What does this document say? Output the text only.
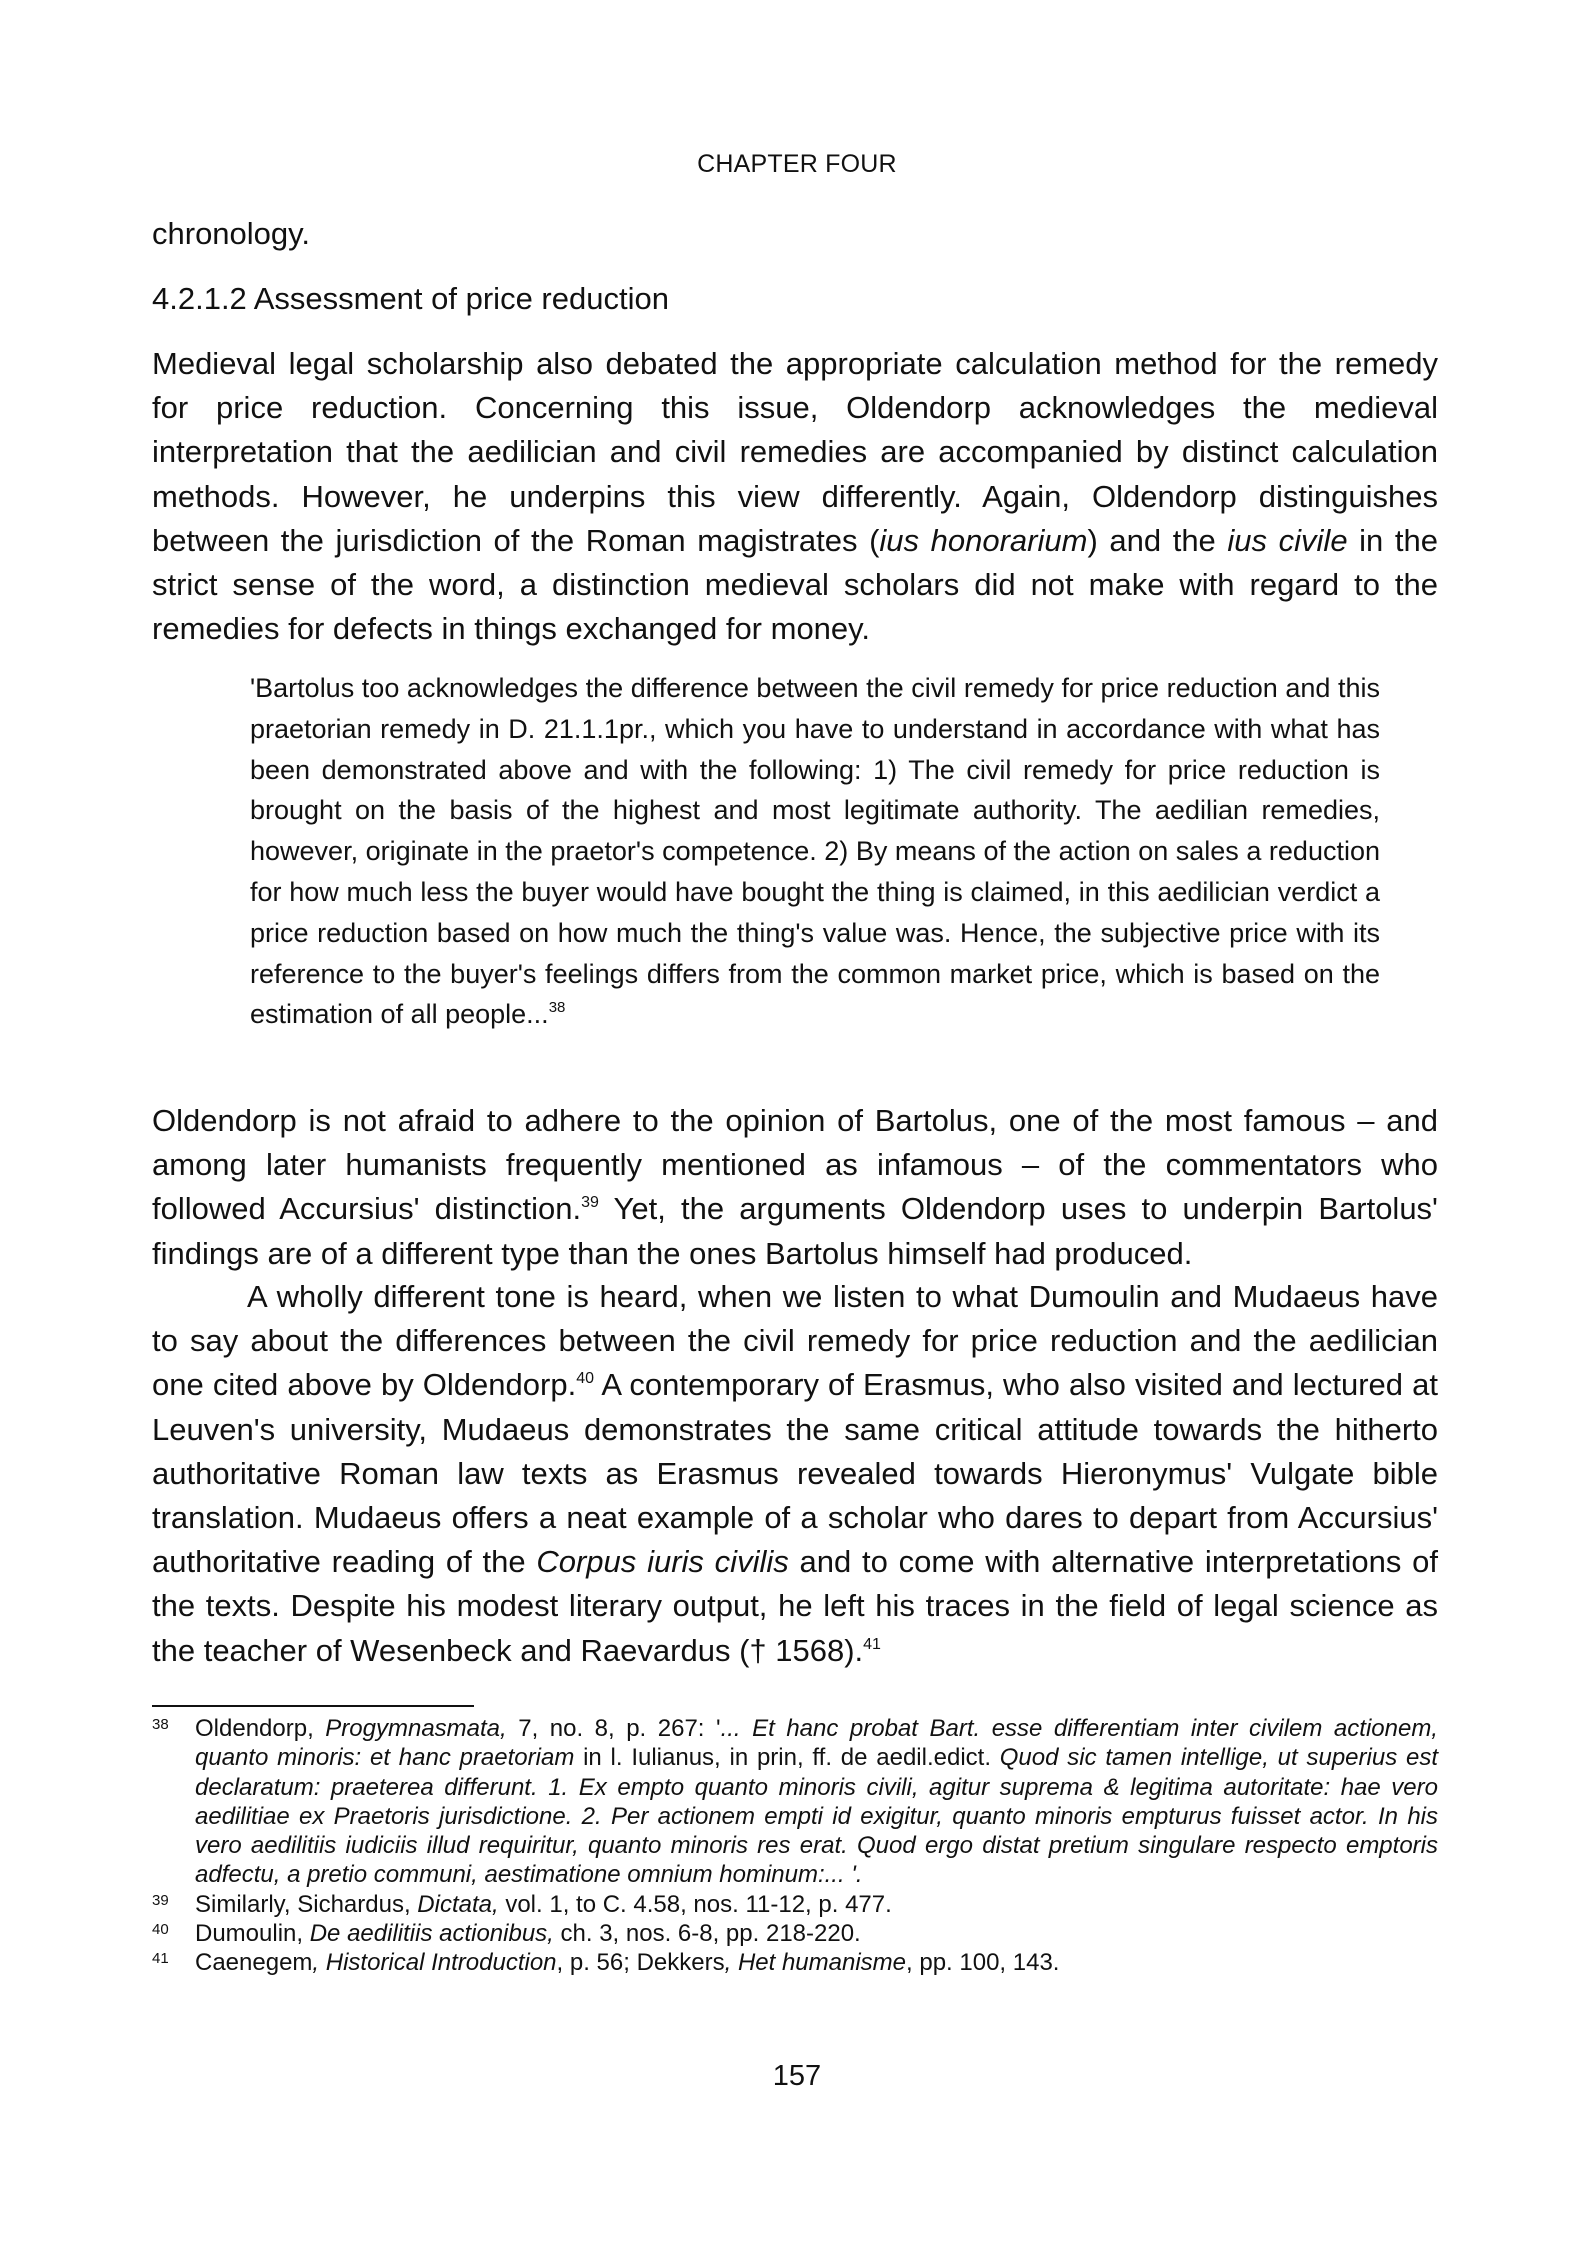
CHAPTER FOUR
chronology.
4.2.1.2 Assessment of price reduction

Medieval legal scholarship also debated the appropriate calculation method for the remedy for price reduction. Concerning this issue, Oldendorp acknowledges the medieval interpretation that the aedilician and civil remedies are accompanied by distinct calculation methods. However, he underpins this view differently. Again, Oldendorp distinguishes between the jurisdiction of the Roman magistrates (ius honorarium) and the ius civile in the strict sense of the word, a distinction medieval scholars did not make with regard to the remedies for defects in things exchanged for money.

'Bartolus too acknowledges the difference between the civil remedy for price reduction and this praetorian remedy in D. 21.1.1pr., which you have to understand in accordance with what has been demonstrated above and with the following: 1) The civil remedy for price reduction is brought on the basis of the highest and most legitimate authority. The aedilian remedies, however, originate in the praetor's competence. 2) By means of the action on sales a reduction for how much less the buyer would have bought the thing is claimed, in this aedilician verdict a price reduction based on how much the thing's value was. Hence, the subjective price with its reference to the buyer's feelings differs from the common market price, which is based on the estimation of all people...$^{38}$

Oldendorp is not afraid to adhere to the opinion of Bartolus, one of the most famous – and among later humanists frequently mentioned as infamous – of the commentators who followed Accursius' distinction.$^{39}$ Yet, the arguments Oldendorp uses to underpin Bartolus' findings are of a different type than the ones Bartolus himself had produced.

A wholly different tone is heard, when we listen to what Dumoulin and Mudaeus have to say about the differences between the civil remedy for price reduction and the aedilician one cited above by Oldendorp.$^{40}$ A contemporary of Erasmus, who also visited and lectured at Leuven's university, Mudaeus demonstrates the same critical attitude towards the hitherto authoritative Roman law texts as Erasmus revealed towards Hieronymus' Vulgate bible translation. Mudaeus offers a neat example of a scholar who dares to depart from Accursius' authoritative reading of the Corpus iuris civilis and to come with alternative interpretations of the texts. Despite his modest literary output, he left his traces in the field of legal science as the teacher of Wesenbeck and Raevardus († 1568).$^{41}$

38 Oldendorp, Progymnasmata, 7, no. 8, p. 267: '... Et hanc probat Bart. esse differentiam inter civilem actionem, quanto minoris: et hanc praetoriam in l. Iulianus, in prin, ff. de aedil.edict. Quod sic tamen intellige, ut superius est declaratum: praeterea differunt. 1. Ex empto quanto minoris civili, agitur suprema & legitima autoritate: hae vero aedilitiae ex Praetoris jurisdictione. 2. Per actionem empti id exigitur, quanto minoris empturus fuisset actor. In his vero aedilitiis iudiciis illud requiritur, quanto minoris res erat. Quod ergo distat pretium singulare respecto emptoris adfectu, a pretio communi, aestimatione omnium hominum:... '.
39 Similarly, Sichardus, Dictata, vol. 1, to C. 4.58, nos. 11-12, p. 477.
40 Dumoulin, De aedilitiis actionibus, ch. 3, nos. 6-8, pp. 218-220.
41 Caenegem, Historical Introduction, p. 56; Dekkers, Het humanisme, pp. 100, 143.
157
